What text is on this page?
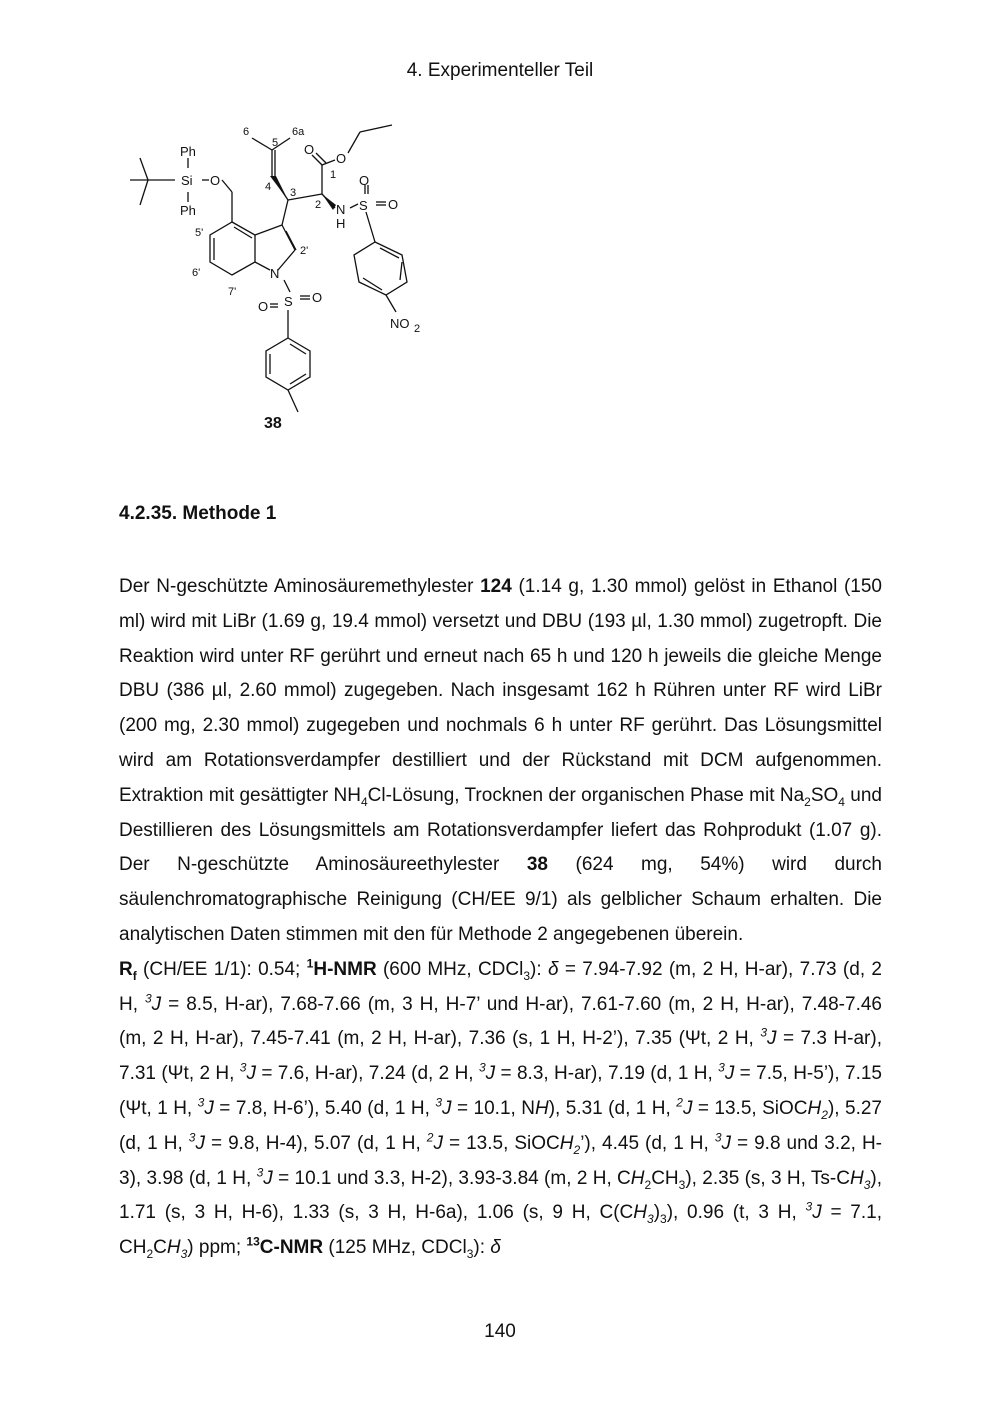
4. Experimenteller Teil
Ph
Ph
Si O
6	6a
5
4 3
2
1
5'
6'
7'
2'
N
O
O
N
H
S
O
O
S
O
O
NO 2
38
4.2.35. Methode 1

Der N-geschützte Aminosäuremethylester 124 (1.14 g, 1.30 mmol) gelöst in Ethanol (150 ml) wird mit LiBr (1.69 g, 19.4 mmol) versetzt und DBU (193 µl, 1.30 mmol) zugetropft. Die Reaktion wird unter RF gerührt und erneut nach 65 h und 120 h jeweils die gleiche Menge DBU (386 µl, 2.60 mmol) zugegeben. Nach insgesamt 162 h Rühren unter RF wird LiBr (200 mg, 2.30 mmol) zugegeben und nochmals 6 h unter RF gerührt. Das Lösungsmittel wird am Rotationsverdampfer destilliert und der Rückstand mit DCM aufgenommen. Extraktion mit gesättigter $NH_4Cl$-Lösung, Trocknen der organischen Phase mit $Na_2SO_4$ und Destillieren des Lösungsmittels am Rotationsverdampfer liefert das Rohprodukt (1.07 g). Der N-geschützte Aminosäureethylester 38 (624 mg, 54%) wird durch säulenchromatographische Reinigung (CH/EE 9/1) als gelblicher Schaum erhalten. Die analytischen Daten stimmen mit den für Methode 2 angegebenen überein.

$R_f$ (CH/EE 1/1): 0.54; $^1$H-NMR (600 MHz, CDCl$_3$): δ = 7.94-7.92 (m, 2 H, H-ar), 7.73 (d, 2 H, $^3$J = 8.5, H-ar), 7.68-7.66 (m, 3 H, H-7’ und H-ar), 7.61-7.60 (m, 2 H, H-ar), 7.48-7.46 (m, 2 H, H-ar), 7.45-7.41 (m, 2 H, H-ar), 7.36 (s, 1 H, H-2’), 7.35 (Ψt, 2 H, $^3$J = 7.3 H-ar), 7.31 (Ψt, 2 H, $^3$J = 7.6, H-ar), 7.24 (d, 2 H, $^3$J = 8.3, H-ar), 7.19 (d, 1 H, $^3$J = 7.5, H-5’), 7.15 (Ψt, 1 H, $^3$J = 7.8, H-6’), 5.40 (d, 1 H, $^3$J = 10.1, NH), 5.31 (d, 1 H, $^2$J = 13.5, SiOCH$_2$), 5.27 (d, 1 H, $^3$J = 9.8, H-4), 5.07 (d, 1 H, $^2$J = 13.5, SiOCH$_2$’), 4.45 (d, 1 H, $^3$J = 9.8 und 3.2, H-3), 3.98 (d, 1 H, $^3$J = 10.1 und 3.3, H-2), 3.93-3.84 (m, 2 H, $CH_2CH_3$), 2.35 (s, 3 H, $Ts-CH_3$), 1.71 (s, 3 H, H-6), 1.33 (s, 3 H, H-6a), 1.06 (s, 9 H, $C(CH_3)_3$), 0.96 (t, 3 H, $^3$J = 7.1, $CH_2CH_3$) ppm; $^{13}$C-NMR (125 MHz, CDCl$_3$): δ

140
